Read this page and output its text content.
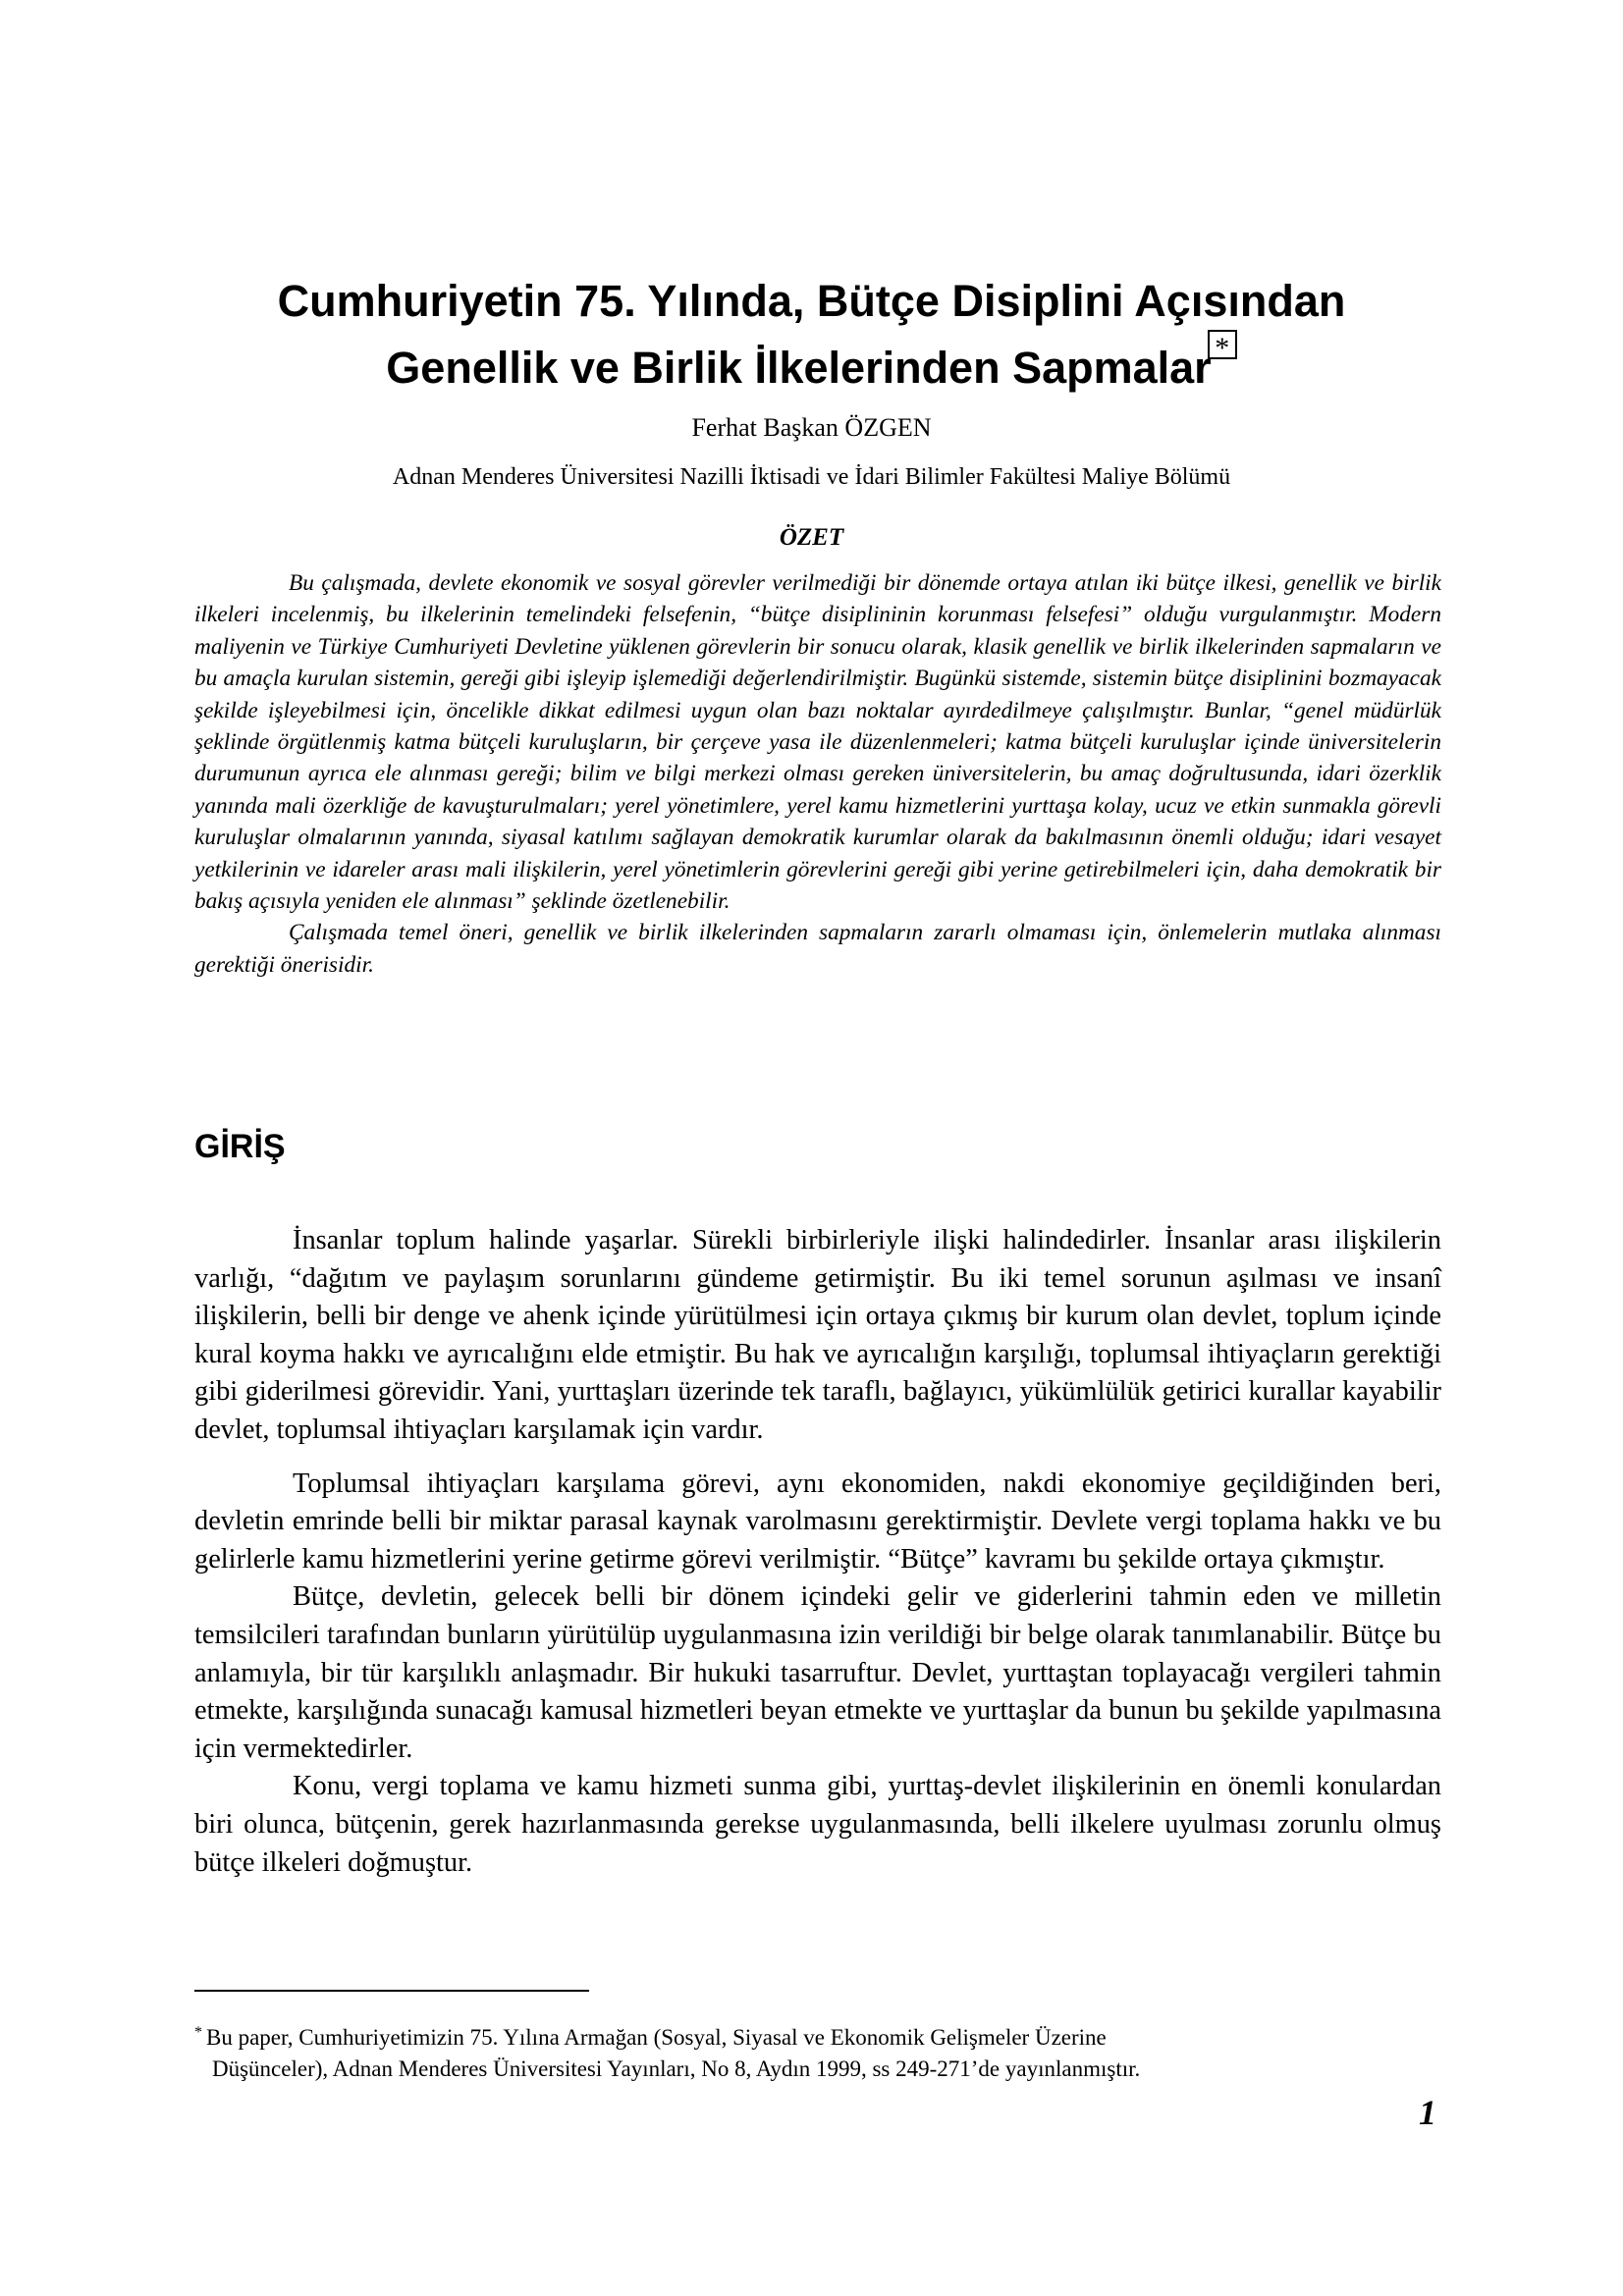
Cumhuriyetin 75. Yılında, Bütçe Disiplini Açısından
Genellik ve Birlik İlkelerinden Sapmalar *

Ferhat Başkan ÖZGEN

Adnan Menderes Üniversitesi Nazilli İktisadi ve İdari Bilimler Fakültesi Maliye Bölümü

ÖZET

Bu çalışmada, devlete ekonomik ve sosyal görevler verilmediği bir dönemde ortaya atılan iki bütçe ilkesi, genellik ve birlik ilkeleri incelenmiş, bu ilkelerinin temelindeki felsefenin, “bütçe disiplininin korunması felsefesi” olduğu vurgulanmıştır. Modern maliyenin ve Türkiye Cumhuriyeti Devletine yüklenen görevlerin bir sonucu olarak, klasik genellik ve birlik ilkelerinden sapmaların ve bu amaçla kurulan sistemin, gereği gibi işleyip işlemediği değerlendirilmiştir. Bugünkü sistemde, sistemin bütçe disiplinini bozmayacak şekilde işleyebilmesi için, öncelikle dikkat edilmesi uygun olan bazı noktalar ayırdedilmeye çalışılmıştır. Bunlar, “genel müdürlük şeklinde örgütlenmiş katma bütçeli kuruluşların, bir çerçeve yasa ile düzenlenmeleri; katma bütçeli kuruluşlar içinde üniversitelerin durumunun ayrıca ele alınması gereği; bilim ve bilgi merkezi olması gereken üniversitelerin, bu amaç doğrultusunda, idari özerklik yanında mali özerkliğe de kavuşturulmaları; yerel yönetimlere, yerel kamu hizmetlerini yurttaşa kolay, ucuz ve etkin sunmakla görevli kuruluşlar olmalarının yanında, siyasal katılımı sağlayan demokratik kurumlar olarak da bakılmasının önemli olduğu; idari vesayet yetkilerinin ve idareler arası mali ilişkilerin, yerel yönetimlerin görevlerini gereği gibi yerine getirebilmeleri için, daha demokratik bir bakış açısıyla yeniden ele alınması” şeklinde özetlenebilir.

Çalışmada temel öneri, genellik ve birlik ilkelerinden sapmaların zararlı olmaması için, önlemelerin mutlaka alınması gerektiği önerisidir.

GİRİŞ

İnsanlar toplum halinde yaşarlar. Sürekli birbirleriyle ilişki halindedirler. İnsanlar arası ilişkilerin varlığı, “dağıtım ve paylaşım sorunlarını gündeme getirmiştir. Bu iki temel sorunun aşılması ve insanî ilişkilerin, belli bir denge ve ahenk içinde yürütülmesi için ortaya çıkmış bir kurum olan devlet, toplum içinde kural koyma hakkı ve ayrıcalığını elde etmiştir. Bu hak ve ayrıcalığın karşılığı, toplumsal ihtiyaçların gerektiği gibi giderilmesi görevidir. Yani, yurttaşları üzerinde tek taraflı, bağlayıcı, yükümlülük getirici kurallar kayabilir devlet, toplumsal ihtiyaçları karşılamak için vardır.

Toplumsal ihtiyaçları karşılama görevi, aynı ekonomiden, nakdi ekonomiye geçildiğinden beri, devletin emrinde belli bir miktar parasal kaynak varolmasını gerektirmiştir. Devlete vergi toplama hakkı ve bu gelirlerle kamu hizmetlerini yerine getirme görevi verilmiştir. “Bütçe” kavramı bu şekilde ortaya çıkmıştır.

Bütçe, devletin, gelecek belli bir dönem içindeki gelir ve giderlerini tahmin eden ve milletin temsilcileri tarafından bunların yürütülüp uygulanmasına izin verildiği bir belge olarak tanımlanabilir. Bütçe bu anlamıyla, bir tür karşılıklı anlaşmadır. Bir hukuki tasarruftur. Devlet, yurttaştan toplayacağı vergileri tahmin etmekte, karşılığında sunacağı kamusal hizmetleri beyan etmekte ve yurttaşlar da bunun bu şekilde yapılmasına için vermektedirler.

Konu, vergi toplama ve kamu hizmeti sunma gibi, yurttaş-devlet ilişkilerinin en önemli konulardan biri olunca, bütçenin, gerek hazırlanmasında gerekse uygulanmasında, belli ilkelere uyulması zorunlu olmuş bütçe ilkeleri doğmuştur.

* Bu paper, Cumhuriyetimizin 75. Yılına Armağan (Sosyal, Siyasal ve Ekonomik Gelişmeler Üzerine
Düşünceler), Adnan Menderes Üniversitesi Yayınları, No 8, Aydın 1999, ss 249-271’de yayınlanmıştır.

1
